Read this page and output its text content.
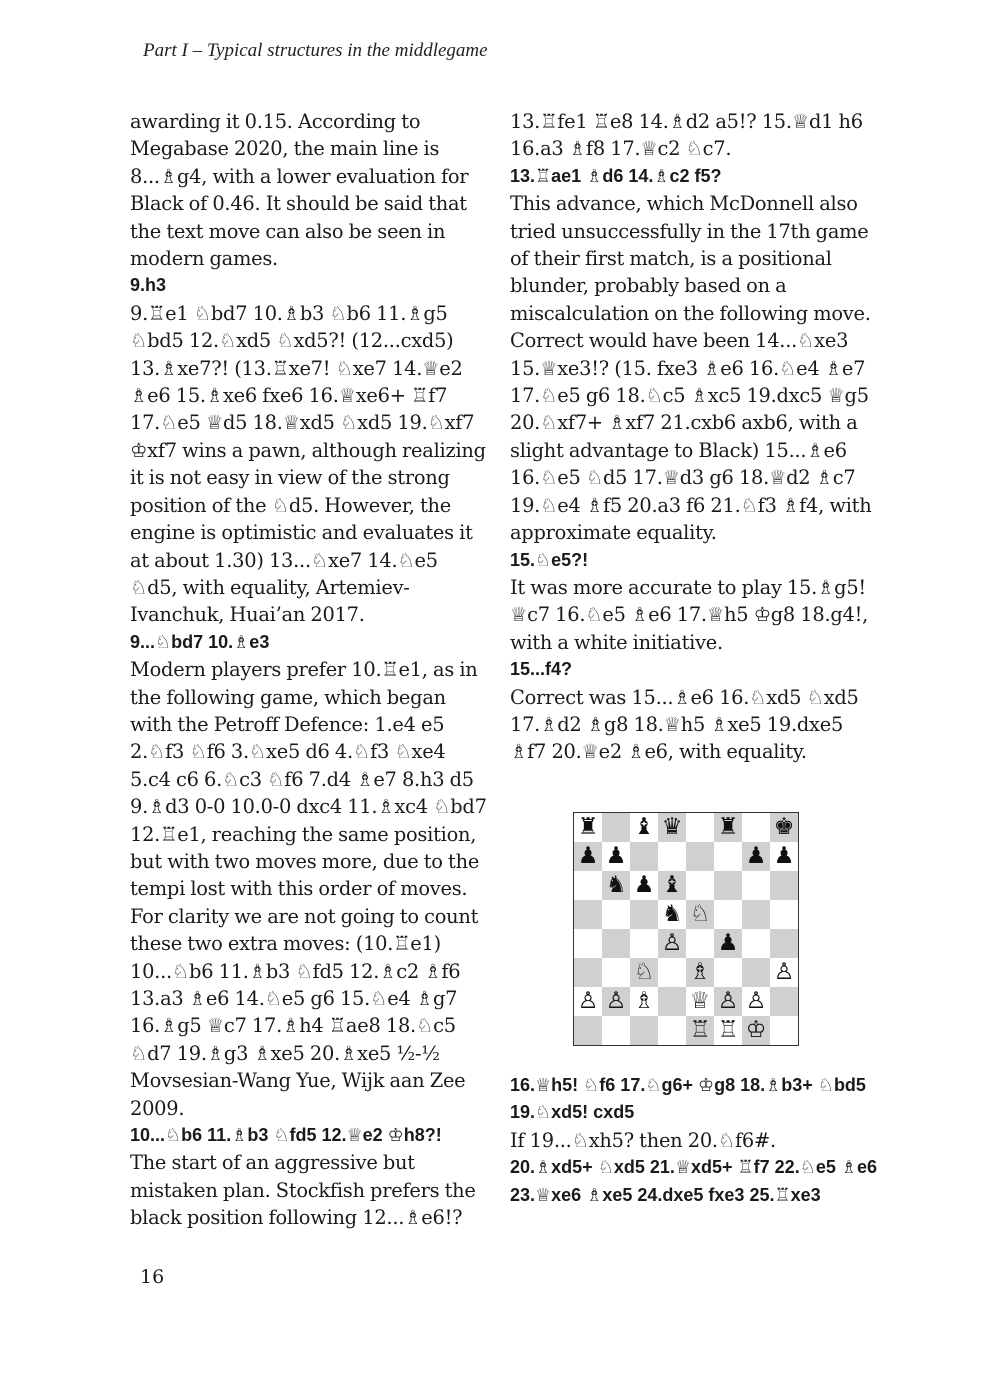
Part I – Typical structures in the middlegame

awarding it 0.15. According to Megabase 2020, the main line is 8...♗g4, with a lower evaluation for Black of 0.46. It should be said that the text move can also be seen in modern games.

9.h3

9.♖e1 ♘bd7 10.♗b3 ♘b6 11.♗g5 ♘bd5 12.♘xd5 ♘xd5?! (12...cxd5) 13.♗xe7?! (13.♖xe7! ♘xe7 14.♕e2 ♗e6 15.♗xe6 fxe6 16.♕xe6+ ♖f7 17.♘e5 ♕d5 18.♕xd5 ♘xd5 19.♘xf7 ♔xf7 wins a pawn, although realizing it is not easy in view of the strong position of the ♘d5. However, the engine is optimistic and evaluates it at about 1.30) 13...♘xe7 14.♘e5 ♘d5, with equality, Artemiev-Ivanchuk, Huai’an 2017.

9...♘bd7 10.♗e3

Modern players prefer 10.♖e1, as in the following game, which began with the Petroff Defence: 1.e4 e5 2.♘f3 ♘f6 3.♘xe5 d6 4.♘f3 ♘xe4 5.c4 c6 6.♘c3 ♘f6 7.d4 ♗e7 8.h3 d5 9.♗d3 0-0 10.0-0 dxc4 11.♗xc4 ♘bd7 12.♖e1, reaching the same position, but with two moves more, due to the tempi lost with this order of moves. For clarity we are not going to count these two extra moves: (10.♖e1) 10...♘b6 11.♗b3 ♘fd5 12.♗c2 ♗f6 13.a3 ♗e6 14.♘e5 g6 15.♘e4 ♗g7 16.♗g5 ♕c7 17.♗h4 ♖ae8 18.♘c5 ♘d7 19.♗g3 ♗xe5 20.♗xe5 ½-½ Movsesian-Wang Yue, Wijk aan Zee 2009.

10...♘b6 11.♗b3 ♘fd5 12.♕e2 ♔h8?!

The start of an aggressive but mistaken plan. Stockfish prefers the black position following 12...♗e6!?

13.♖fe1 ♖e8 14.♗d2 a5!? 15.♕d1 h6 16.a3 ♗f8 17.♕c2 ♘c7.

13.♖ae1 ♗d6 14.♗c2 f5?

This advance, which McDonnell also tried unsuccessfully in the 17th game of their first match, is a positional blunder, probably based on a miscalculation on the following move. Correct would have been 14...♘xe3 15.♕xe3!? (15. fxe3 ♗e6 16.♘e4 ♗e7 17.♘e5 g6 18.♘c5 ♗xc5 19.dxc5 ♕g5 20.♘xf7+ ♗xf7 21.cxb6 axb6, with a slight advantage to Black) 15...♗e6 16.♘e5 ♘d5 17.♕d3 g6 18.♕d2 ♗c7 19.♘e4 ♗f5 20.a3 f6 21.♘f3 ♗f4, with approximate equality.

15.♘e5?!

It was more accurate to play 15.♗g5! ♕c7 16.♘e5 ♗e6 17.♕h5 ♔g8 18.g4!, with a white initiative.

15...f4?

Correct was 15...♗e6 16.♘xd5 ♘xd5 17.♗d2 ♗g8 18.♕h5 ♗xe5 19.dxe5 ♗f7 20.♕e2 ♗e6, with equality.

♜ ♝ ♛ ♜ ♚
♟ ♟	♟ ♟
♞ ♟ ♝
♞ ♘
♙ ♟
♘ ♗	♙
♙ ♙ ♗ ♕ ♙ ♙
♖ ♖ ♔

16.♕h5! ♘f6 17.♘g6+ ♔g8 18.♗b3+ ♘bd5 19.♘xd5! cxd5

If 19...♘xh5? then 20.♘f6#.

20.♗xd5+ ♘xd5 21.♕xd5+ ♖f7 22.♘e5 ♗e6 23.♕xe6 ♗xe5 24.dxe5 fxe3 25.♖xe3

16
